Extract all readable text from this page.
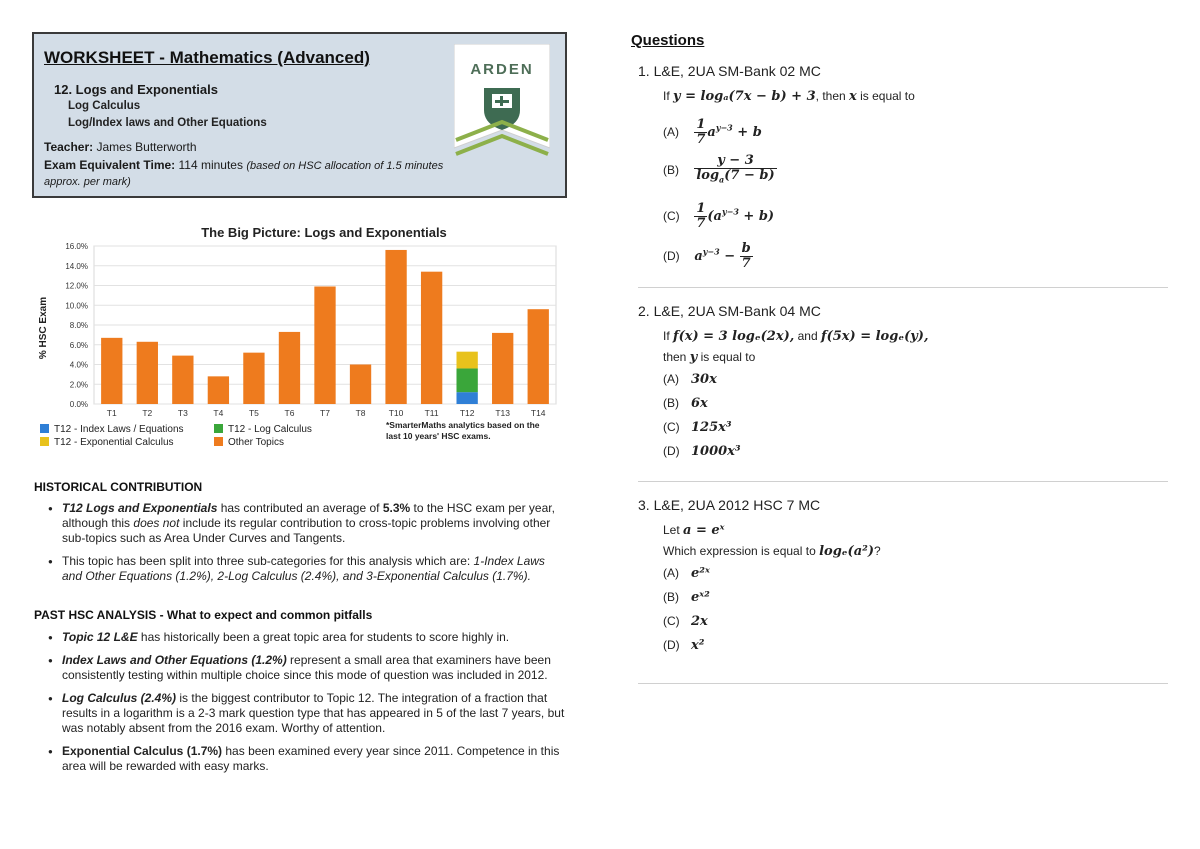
WORKSHEET - Mathematics (Advanced)
12. Logs and Exponentials
Log Calculus
Log/Index laws and Other Equations
Teacher: James Butterworth
Exam Equivalent Time: 114 minutes (based on HSC allocation of 1.5 minutes approx. per mark)
ARDEN
The Big Picture: Logs and Exponentials
0.0%
2.0%
4.0%
6.0%
8.0%
10.0%
12.0%
14.0%
16.0%
T1	T2	T3	T4	T5	T6	T7	T8	T10 T11 T12 T13 T14
% HSC Exam
T12 - Index Laws / Equations	T12 - Log Calculus
T12 - Exponential Calculus	Other Topics
*SmarterMaths analytics based on the
last 10 years' HSC exams.
HISTORICAL CONTRIBUTION
● T12 Logs and Exponentials has contributed an average of 5.3% to the HSC exam per year, although this does not include its regular contribution to cross-topic problems involving other sub-topics such as Area Under Curves and Tangents.
● This topic has been split into three sub-categories for this analysis which are: 1-Index Laws and Other Equations (1.2%), 2-Log Calculus (2.4%), and 3-Exponential Calculus (1.7%).
PAST HSC ANALYSIS - What to expect and common pitfalls
● Topic 12 L&E has historically been a great topic area for students to score highly in.
● Index Laws and Other Equations (1.2%) represent a small area that examiners have been consistently testing within multiple choice since this mode of question was included in 2012.
● Log Calculus (2.4%) is the biggest contributor to Topic 12. The integration of a fraction that results in a logarithm is a 2-3 mark question type that has appeared in 5 of the last 7 years, but was notably absent from the 2016 exam. Worthy of attention.
● Exponential Calculus (1.7%) has been examined every year since 2011. Competence in this area will be rewarded with easy marks.
Questions
1. L&E, 2UA SM-Bank 02 MC
If y = logₐ(7x − b) + 3, then x is equal to
$(A) \frac{1}{7} a^{y-3} + b$
$(B) \frac{y - 3}{\log_a(7 - b)}$
$(C) \frac{1}{7} (a^{y-3} + b)$
(D) $a^{y-3} - \frac{b}{7}$
2. L&E, 2UA SM-Bank 04 MC
If f(x) = 3 logₑ(2x), and f(5x) = logₑ(y),
then y is equal to
(A) 30x
(B) 6x
(C) 125x³
(D) 1000x³
3. L&E, 2UA 2012 HSC 7 MC
Let a = eˣ
Which expression is equal to logₑ(a²)?
(A) e²ˣ
(B) eˣ²
(C) 2x
(D) x²
